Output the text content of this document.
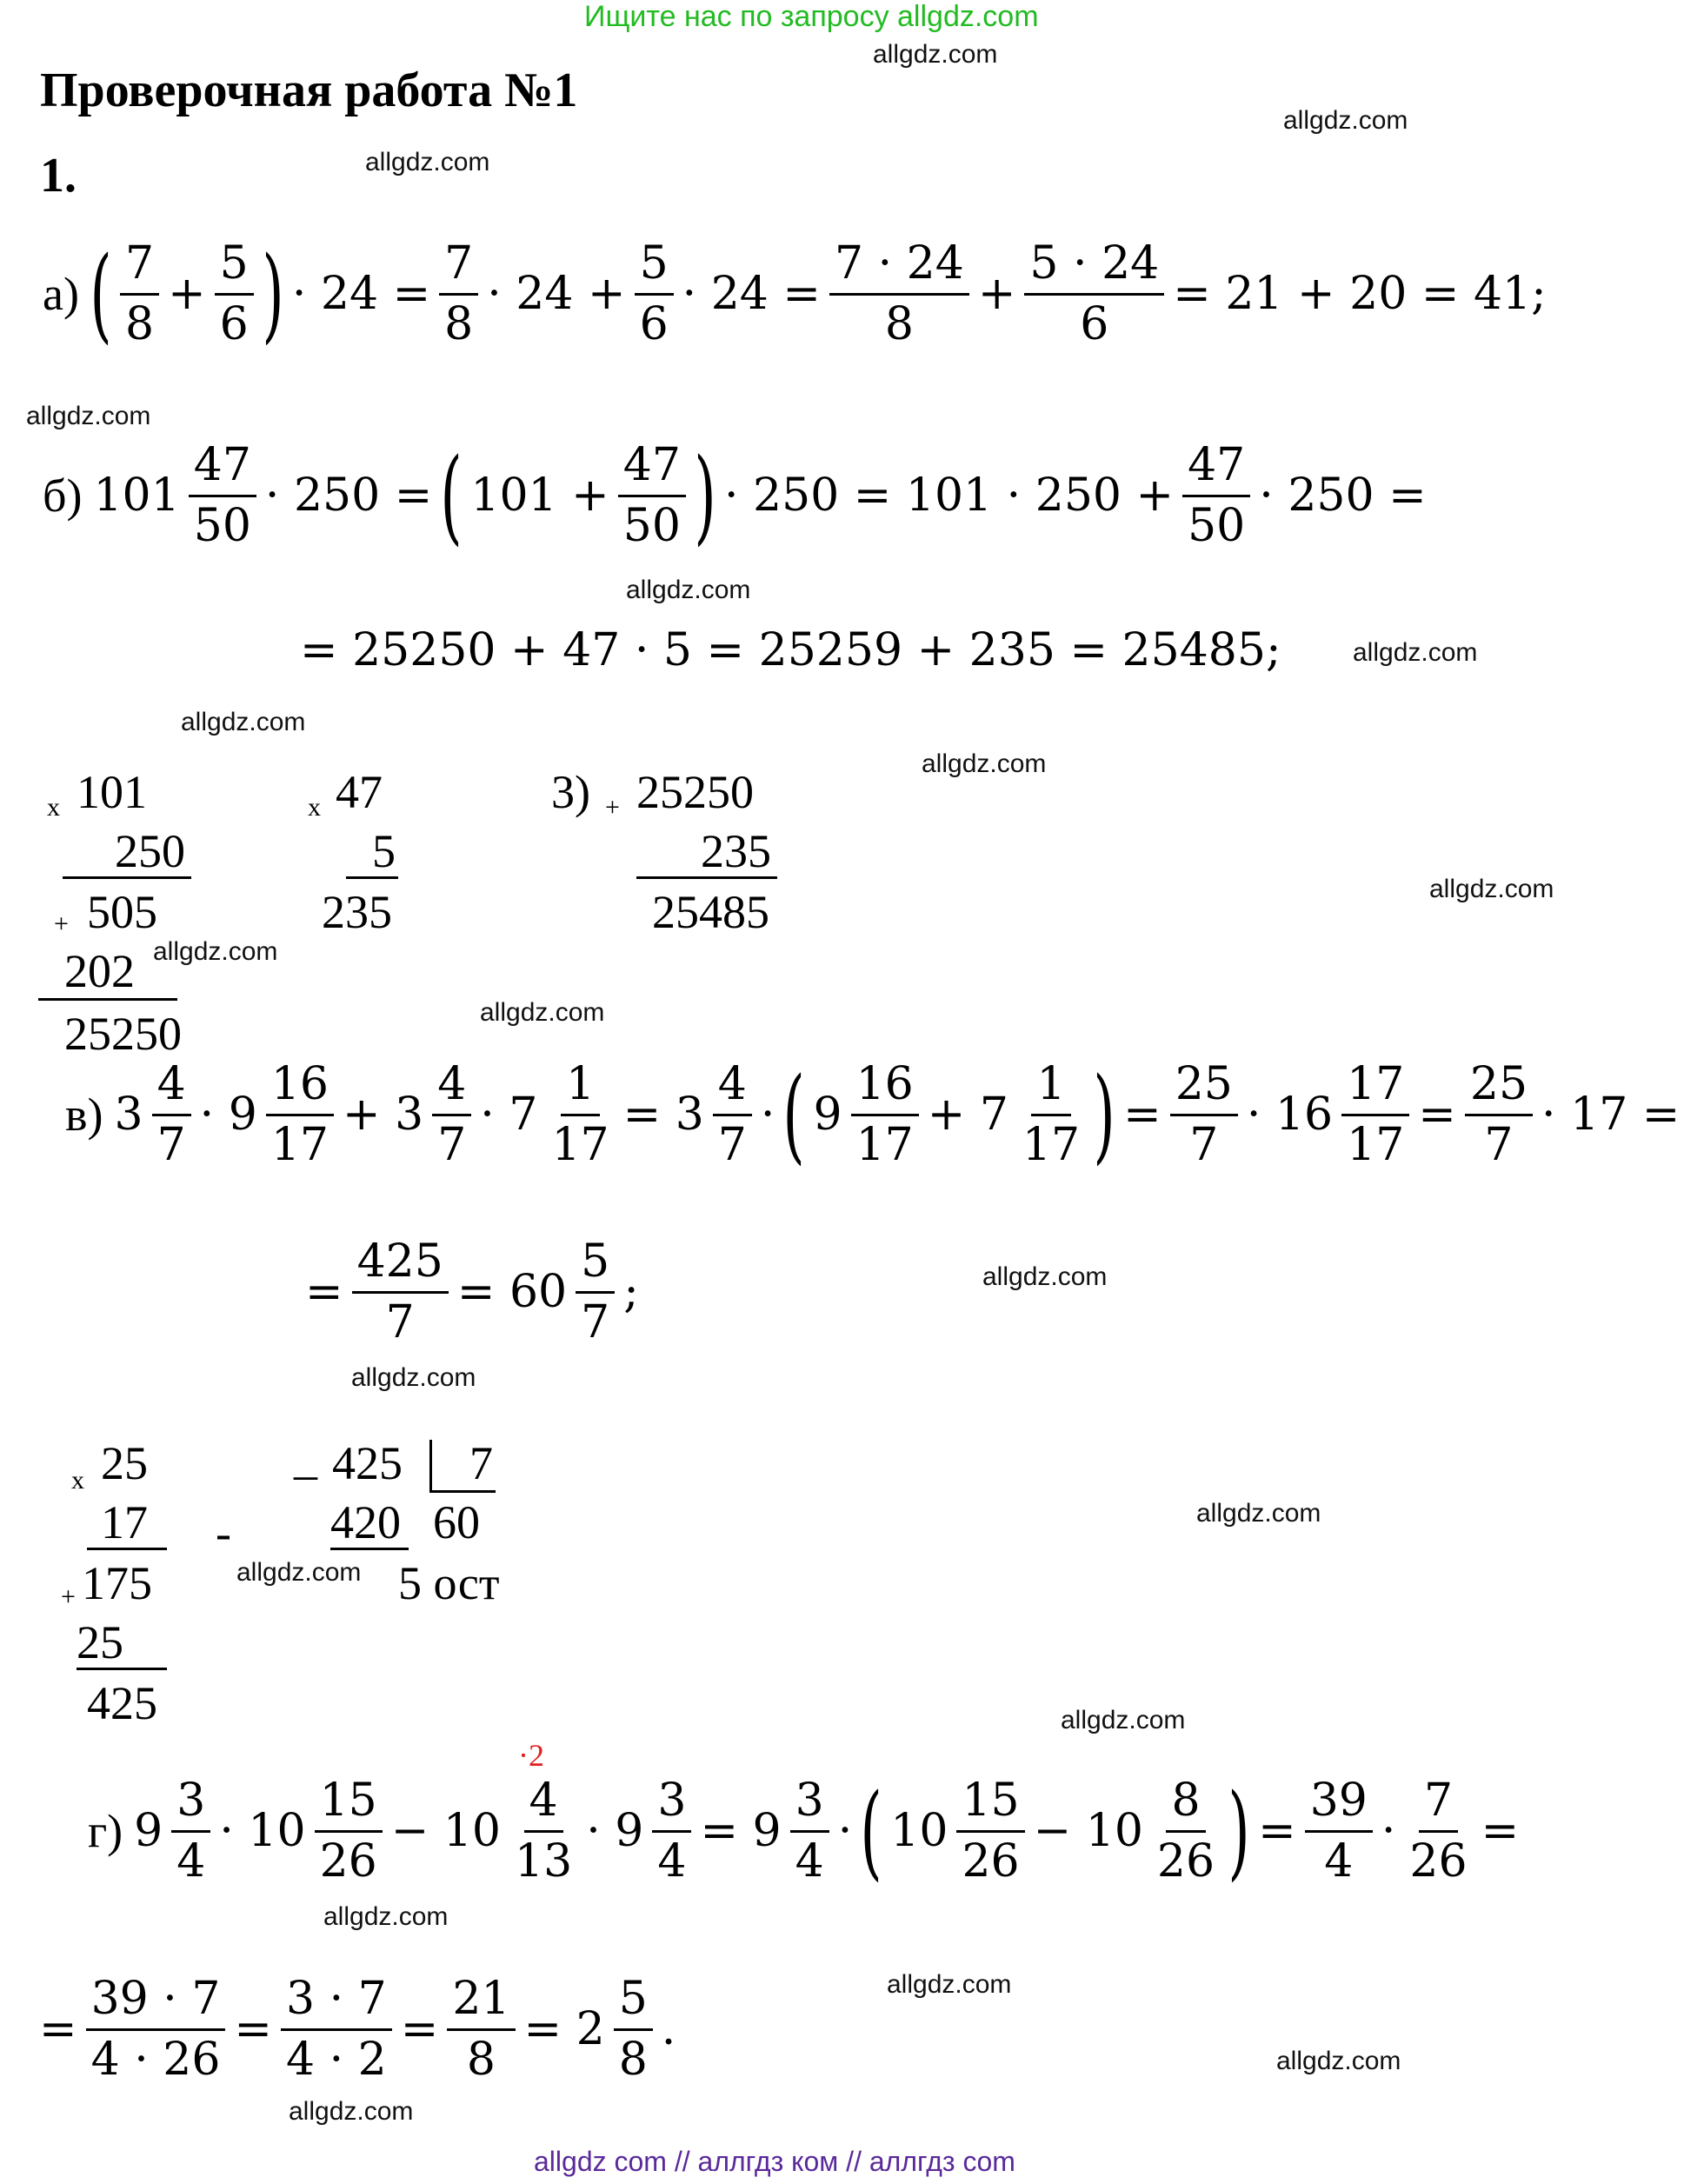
Ищите нас по запросу allgdz.com
Проверочная работа №1
1.
allgdz.com
allgdz.com
allgdz.com
allgdz.com
allgdz.com
allgdz.com
allgdz.com
allgdz.com
allgdz.com
allgdz.com
allgdz.com
allgdz.com
allgdz.com
allgdz.com
allgdz.com
allgdz.com
allgdz.com
allgdz.com
allgdz.com
allgdz.com
а) ( 7
8
+ $\frac{5}{6}$ ) · $24 = \frac{7}{8} \cdot 24 + \frac{5}{6} \cdot 24 = \frac{7 \cdot 24}{8} + \frac{5 \cdot 24}{6} = 21 + 20 = 41$;
б) 101
47
50
· 250 = ( $101 + \frac{47}{50}$ ) · $250 = 101 \cdot 250 + \frac{47}{50} \cdot 250$ =
= 25250 + 47 · 5 = 25259 + 235 = 25485;
х 101
250
+ 505
202
25250
х 47
5
235
3) + 25250
235
25485
в) 3
4
7
· 9
16
17
+ 3
4
7
· $7 \frac{1}{17} = 3$
4
7
· ( 9
16
17
+ 7
1
17 ) = $\frac{25}{7} \cdot 16 \frac{17}{17} = \frac{25}{7} \cdot 17$ =
= $\frac{425}{7} = 60$
5
7
;
х 25
17
+ 175
25
425
_ 425 7
- 420 60
5 ост
·2
г) 9
3
4
· 10
15
26
− 10
4
13
· $9 \frac{3}{4} = 9$
3
4
· ( 10
15
26
− 10
8
26 ) = $\frac{39}{4} \cdot \frac{7}{26}$ =
= $\frac{39 \cdot 7}{4 \cdot 26} = \frac{3 \cdot 7}{4 \cdot 2} = \frac{21}{8} = 2$
5
8
.
allgdz com // аллгдз ком // аллгдз com
